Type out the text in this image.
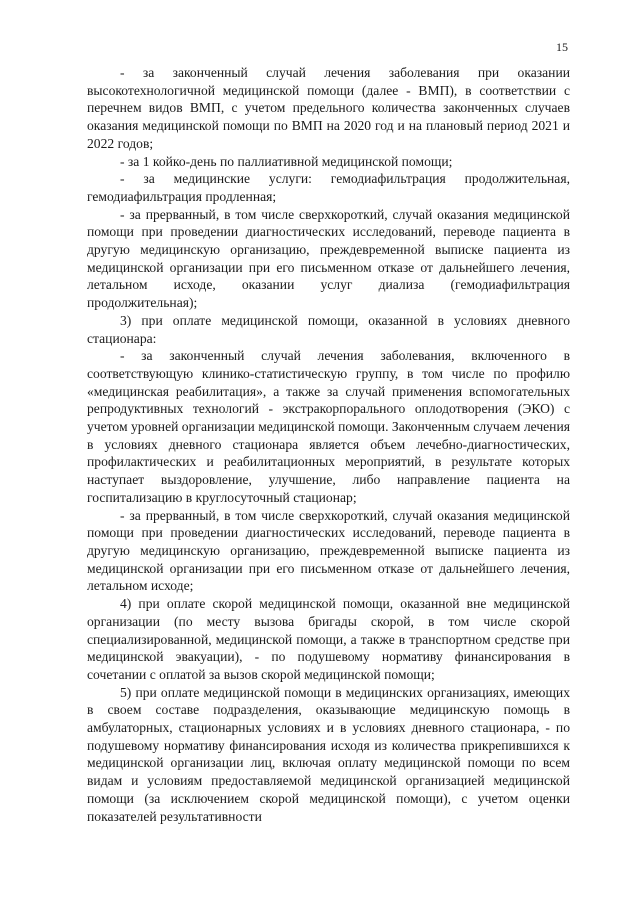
15

- за законченный случай лечения заболевания при оказании высокотехнологичной медицинской помощи (далее - ВМП), в соответствии с перечнем видов ВМП, с учетом предельного количества законченных случаев оказания медицинской помощи по ВМП на 2020 год и на плановый период 2021 и 2022 годов;

- за 1 койко-день по паллиативной медицинской помощи;

- за медицинские услуги: гемодиафильтрация продолжительная, гемодиафильтрация продленная;

- за прерванный, в том числе сверхкороткий, случай оказания медицинской помощи при проведении диагностических исследований, переводе пациента в другую медицинскую организацию, преждевременной выписке пациента из медицинской организации при его письменном отказе от дальнейшего лечения, летальном исходе, оказании услуг диализа (гемодиафильтрация продолжительная);

3) при оплате медицинской помощи, оказанной в условиях дневного стационара:

- за законченный случай лечения заболевания, включенного в соответствующую клинико-статистическую группу, в том числе по профилю «медицинская реабилитация», а также за случай применения вспомогательных репродуктивных технологий - экстракорпорального оплодотворения (ЭКО) с учетом уровней организации медицинской помощи. Законченным случаем лечения в условиях дневного стационара является объем лечебно-диагностических, профилактических и реабилитационных мероприятий, в результате которых наступает выздоровление, улучшение, либо направление пациента на госпитализацию в круглосуточный стационар;

- за прерванный, в том числе сверхкороткий, случай оказания медицинской помощи при проведении диагностических исследований, переводе пациента в другую медицинскую организацию, преждевременной выписке пациента из медицинской организации при его письменном отказе от дальнейшего лечения, летальном исходе;

4) при оплате скорой медицинской помощи, оказанной вне медицинской организации (по месту вызова бригады скорой, в том числе скорой специализированной, медицинской помощи, а также в транспортном средстве при медицинской эвакуации), - по подушевому нормативу финансирования в сочетании с оплатой за вызов скорой медицинской помощи;

5) при оплате медицинской помощи в медицинских организациях, имеющих в своем составе подразделения, оказывающие медицинскую помощь в амбулаторных, стационарных условиях и в условиях дневного стационара, - по подушевому нормативу финансирования исходя из количества прикрепившихся к медицинской организации лиц, включая оплату медицинской помощи по всем видам и условиям предоставляемой медицинской организацией медицинской помощи (за исключением скорой медицинской помощи), с учетом оценки показателей результативности
